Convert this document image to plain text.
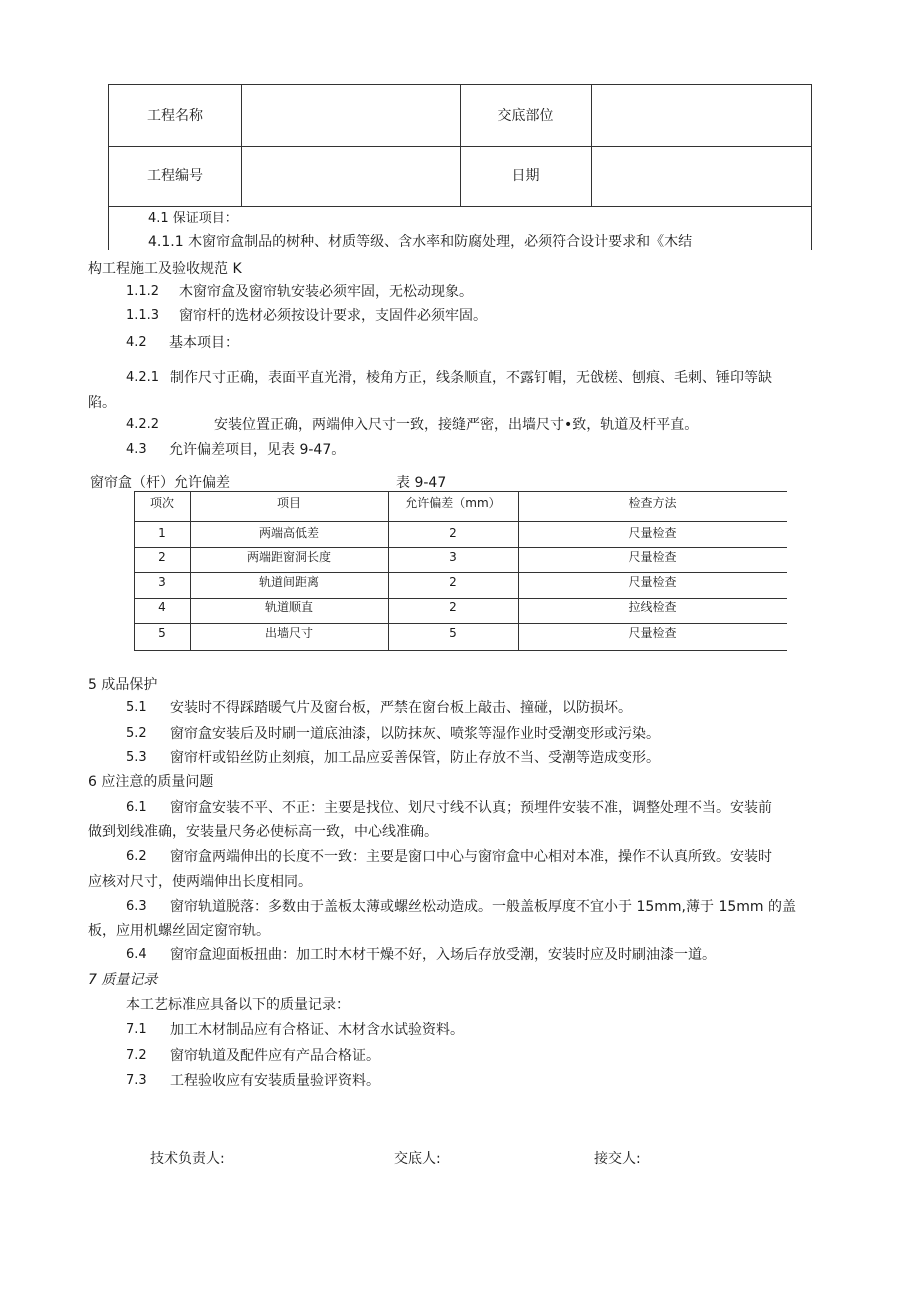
工程名称	交底部位
工程编号	日期
4.1 保证项目：
4.1.1 木窗帘盒制品的树种、材质等级、含水率和防腐处理，必须符合设计要求和《木结
构工程施工及验收规范 K
1.1.2 木窗帘盒及窗帘轨安装必须牢固，无松动现象。
1.1.3 窗帘杆的选材必须按设计要求，支固件必须牢固。
4.2 基本项目：
4.2.1 制作尺寸正确，表面平直光滑，棱角方正，线条顺直，不露钉帽，无戗槎、刨痕、毛刺、锤印等缺
陷。
4.2.2	安装位置正确，两端伸入尺寸一致，接缝严密，出墙尺寸•致，轨道及杆平直。
4.3 允许偏差项目，见表 9-47。
窗帘盒（杆）允许偏差	表 9-47
项次	项目	允许偏差（mm）	检查方法
1	两端高低差	2	尺量检查
2	两端距窗洞长度	3	尺量检查
3	轨道间距离	2	尺量检查
4	轨道顺直	2	拉线检查
5	出墙尺寸	5	尺量检查
5 成品保护
5.1 安装时不得踩踏暖气片及窗台板，严禁在窗台板上敲击、撞碰，以防损坏。
5.2 窗帘盒安装后及时刷一道底油漆，以防抹灰、喷浆等湿作业时受潮变形或污染。
5.3 窗帘杆或铅丝防止刻痕，加工品应妥善保管，防止存放不当、受潮等造成变形。
6 应注意的质量问题
6.1 窗帘盒安装不平、不正：主要是找位、划尺寸线不认真；预埋件安装不准，调整处理不当。安装前
做到划线准确，安装量尺务必使标高一致，中心线准确。
6.2 窗帘盒两端伸出的长度不一致：主要是窗口中心与窗帘盒中心相对本准，操作不认真所致。安装时
应核对尺寸，使两端伸出长度相同。
6.3 窗帘轨道脱落：多数由于盖板太薄或螺丝松动造成。一般盖板厚度不宜小于 15mm,薄于 15mm 的盖
板，应用机螺丝固定窗帘轨。
6.4 窗帘盒迎面板扭曲：加工时木材干燥不好，入场后存放受潮，安装时应及时刷油漆一道。
7 质量记录
本工艺标准应具备以下的质量记录：
7.1 加工木材制品应有合格证、木材含水试验资料。
7.2 窗帘轨道及配件应有产品合格证。
7.3 工程验收应有安装质量验评资料。
技术负责人:	交底人:	接交人:
